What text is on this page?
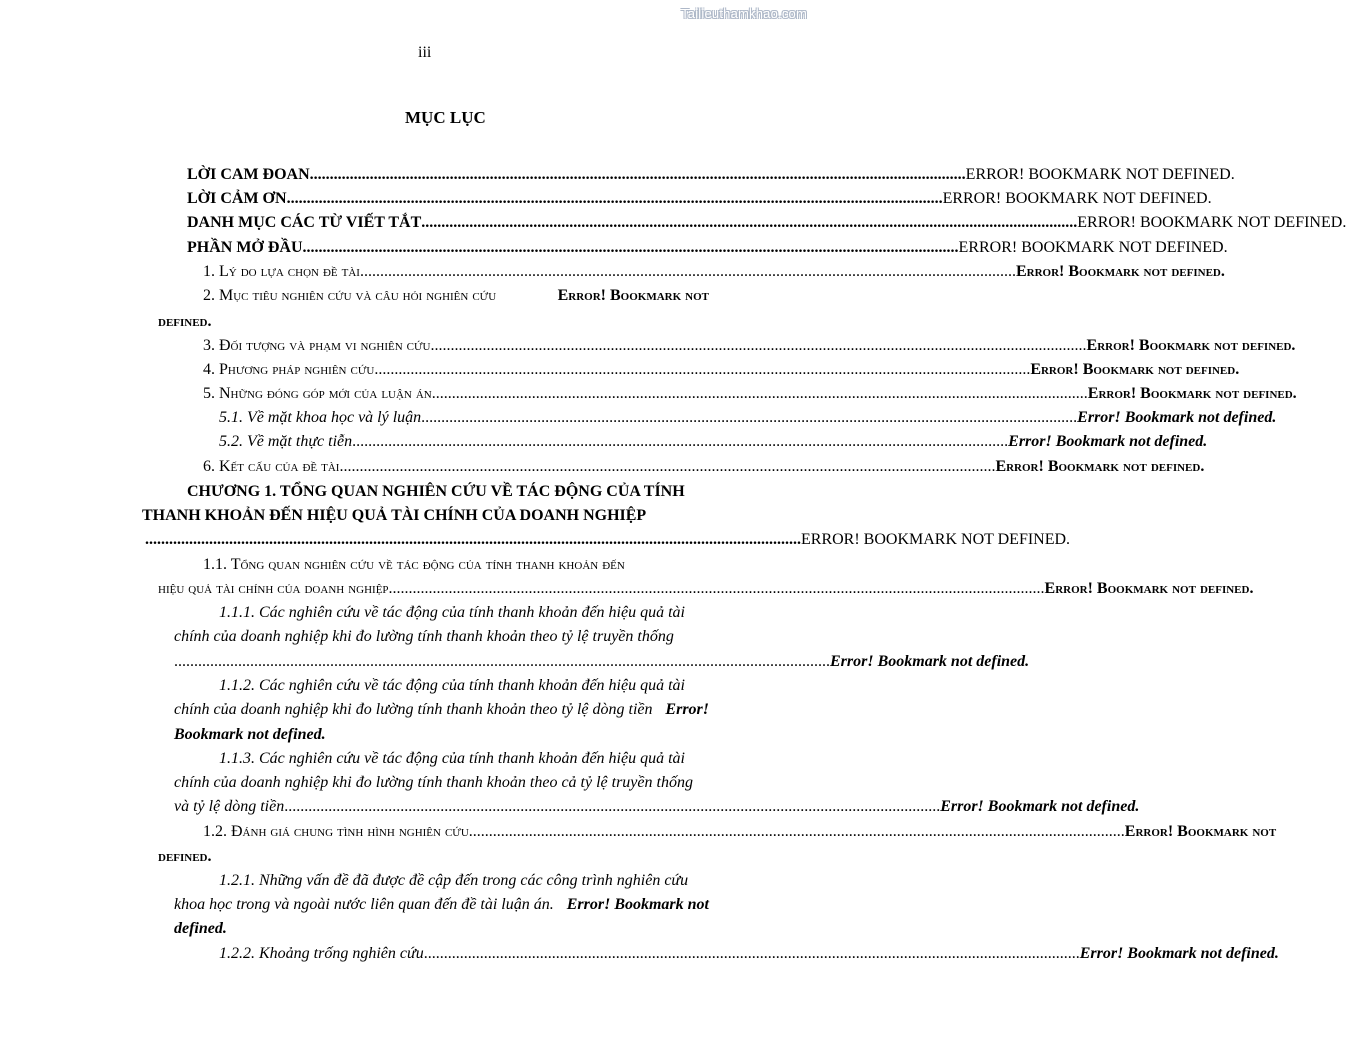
Tailieuthamkhao.com
iii
MỤC LỤC
LỜI CAM ĐOAN .................................................................................................................................................................... ERROR! BOOKMARK NOT DEFINED.
LỜI CẢM ƠN .................................................................................................................................................................... ERROR! BOOKMARK NOT DEFINED.
DANH MỤC CÁC TỪ VIẾT TẮT .................................................................................................................................................................... ERROR! BOOKMARK NOT DEFINED.
PHẦN MỞ ĐẦU .................................................................................................................................................................... ERROR! BOOKMARK NOT DEFINED.
1. Lý do lựa chọn đề tài .................................................................................................................................................................... Error! Bookmark not defined.
2. Mục tiêu nghiên cứu và câu hỏi nghiên cứu	Error! Bookmark not
defined.
3. Đối tượng và phạm vi nghiên cứu .................................................................................................................................................................... Error! Bookmark not defined.
4. Phương pháp nghiên cứu .................................................................................................................................................................... Error! Bookmark not defined.
5. Những đóng góp mới của luận án .................................................................................................................................................................... Error! Bookmark not defined.
5.1. Về mặt khoa học và lý luận .................................................................................................................................................................... Error! Bookmark not defined.
5.2. Về mặt thực tiễn .................................................................................................................................................................... Error! Bookmark not defined.
6. Kết cấu của đề tài .................................................................................................................................................................... Error! Bookmark not defined.
CHƯƠNG 1. TỔNG QUAN NGHIÊN CỨU VỀ TÁC ĐỘNG CỦA TÍNH
THANH KHOẢN ĐẾN HIỆU QUẢ TÀI CHÍNH CỦA DOANH NGHIỆP
.................................................................................................................................................................... ERROR! BOOKMARK NOT DEFINED.
1.1. Tổng quan nghiên cứu về tác động của tính thanh khoản đến
hiệu quả tài chính của doanh nghiệp .................................................................................................................................................................... Error! Bookmark not defined.
1.1.1. Các nghiên cứu về tác động của tính thanh khoản đến hiệu quả tài
chính của doanh nghiệp khi đo lường tính thanh khoản theo tỷ lệ truyền thống
.................................................................................................................................................................... Error! Bookmark not defined.
1.1.2. Các nghiên cứu về tác động của tính thanh khoản đến hiệu quả tài
chính của doanh nghiệp khi đo lường tính thanh khoản theo tỷ lệ dòng tiền Error!
Bookmark not defined.
1.1.3. Các nghiên cứu về tác động của tính thanh khoản đến hiệu quả tài
chính của doanh nghiệp khi đo lường tính thanh khoản theo cả tỷ lệ truyền thống
và tỷ lệ dòng tiền .................................................................................................................................................................... Error! Bookmark not defined.
1.2. Đánh giá chung tình hình nghiên cứu .................................................................................................................................................................... Error! Bookmark not
defined.
1.2.1. Những vấn đề đã được đề cập đến trong các công trình nghiên cứu
khoa học trong và ngoài nước liên quan đến đề tài luận án. Error! Bookmark not
defined.
1.2.2. Khoảng trống nghiên cứu .................................................................................................................................................................... Error! Bookmark not defined.
